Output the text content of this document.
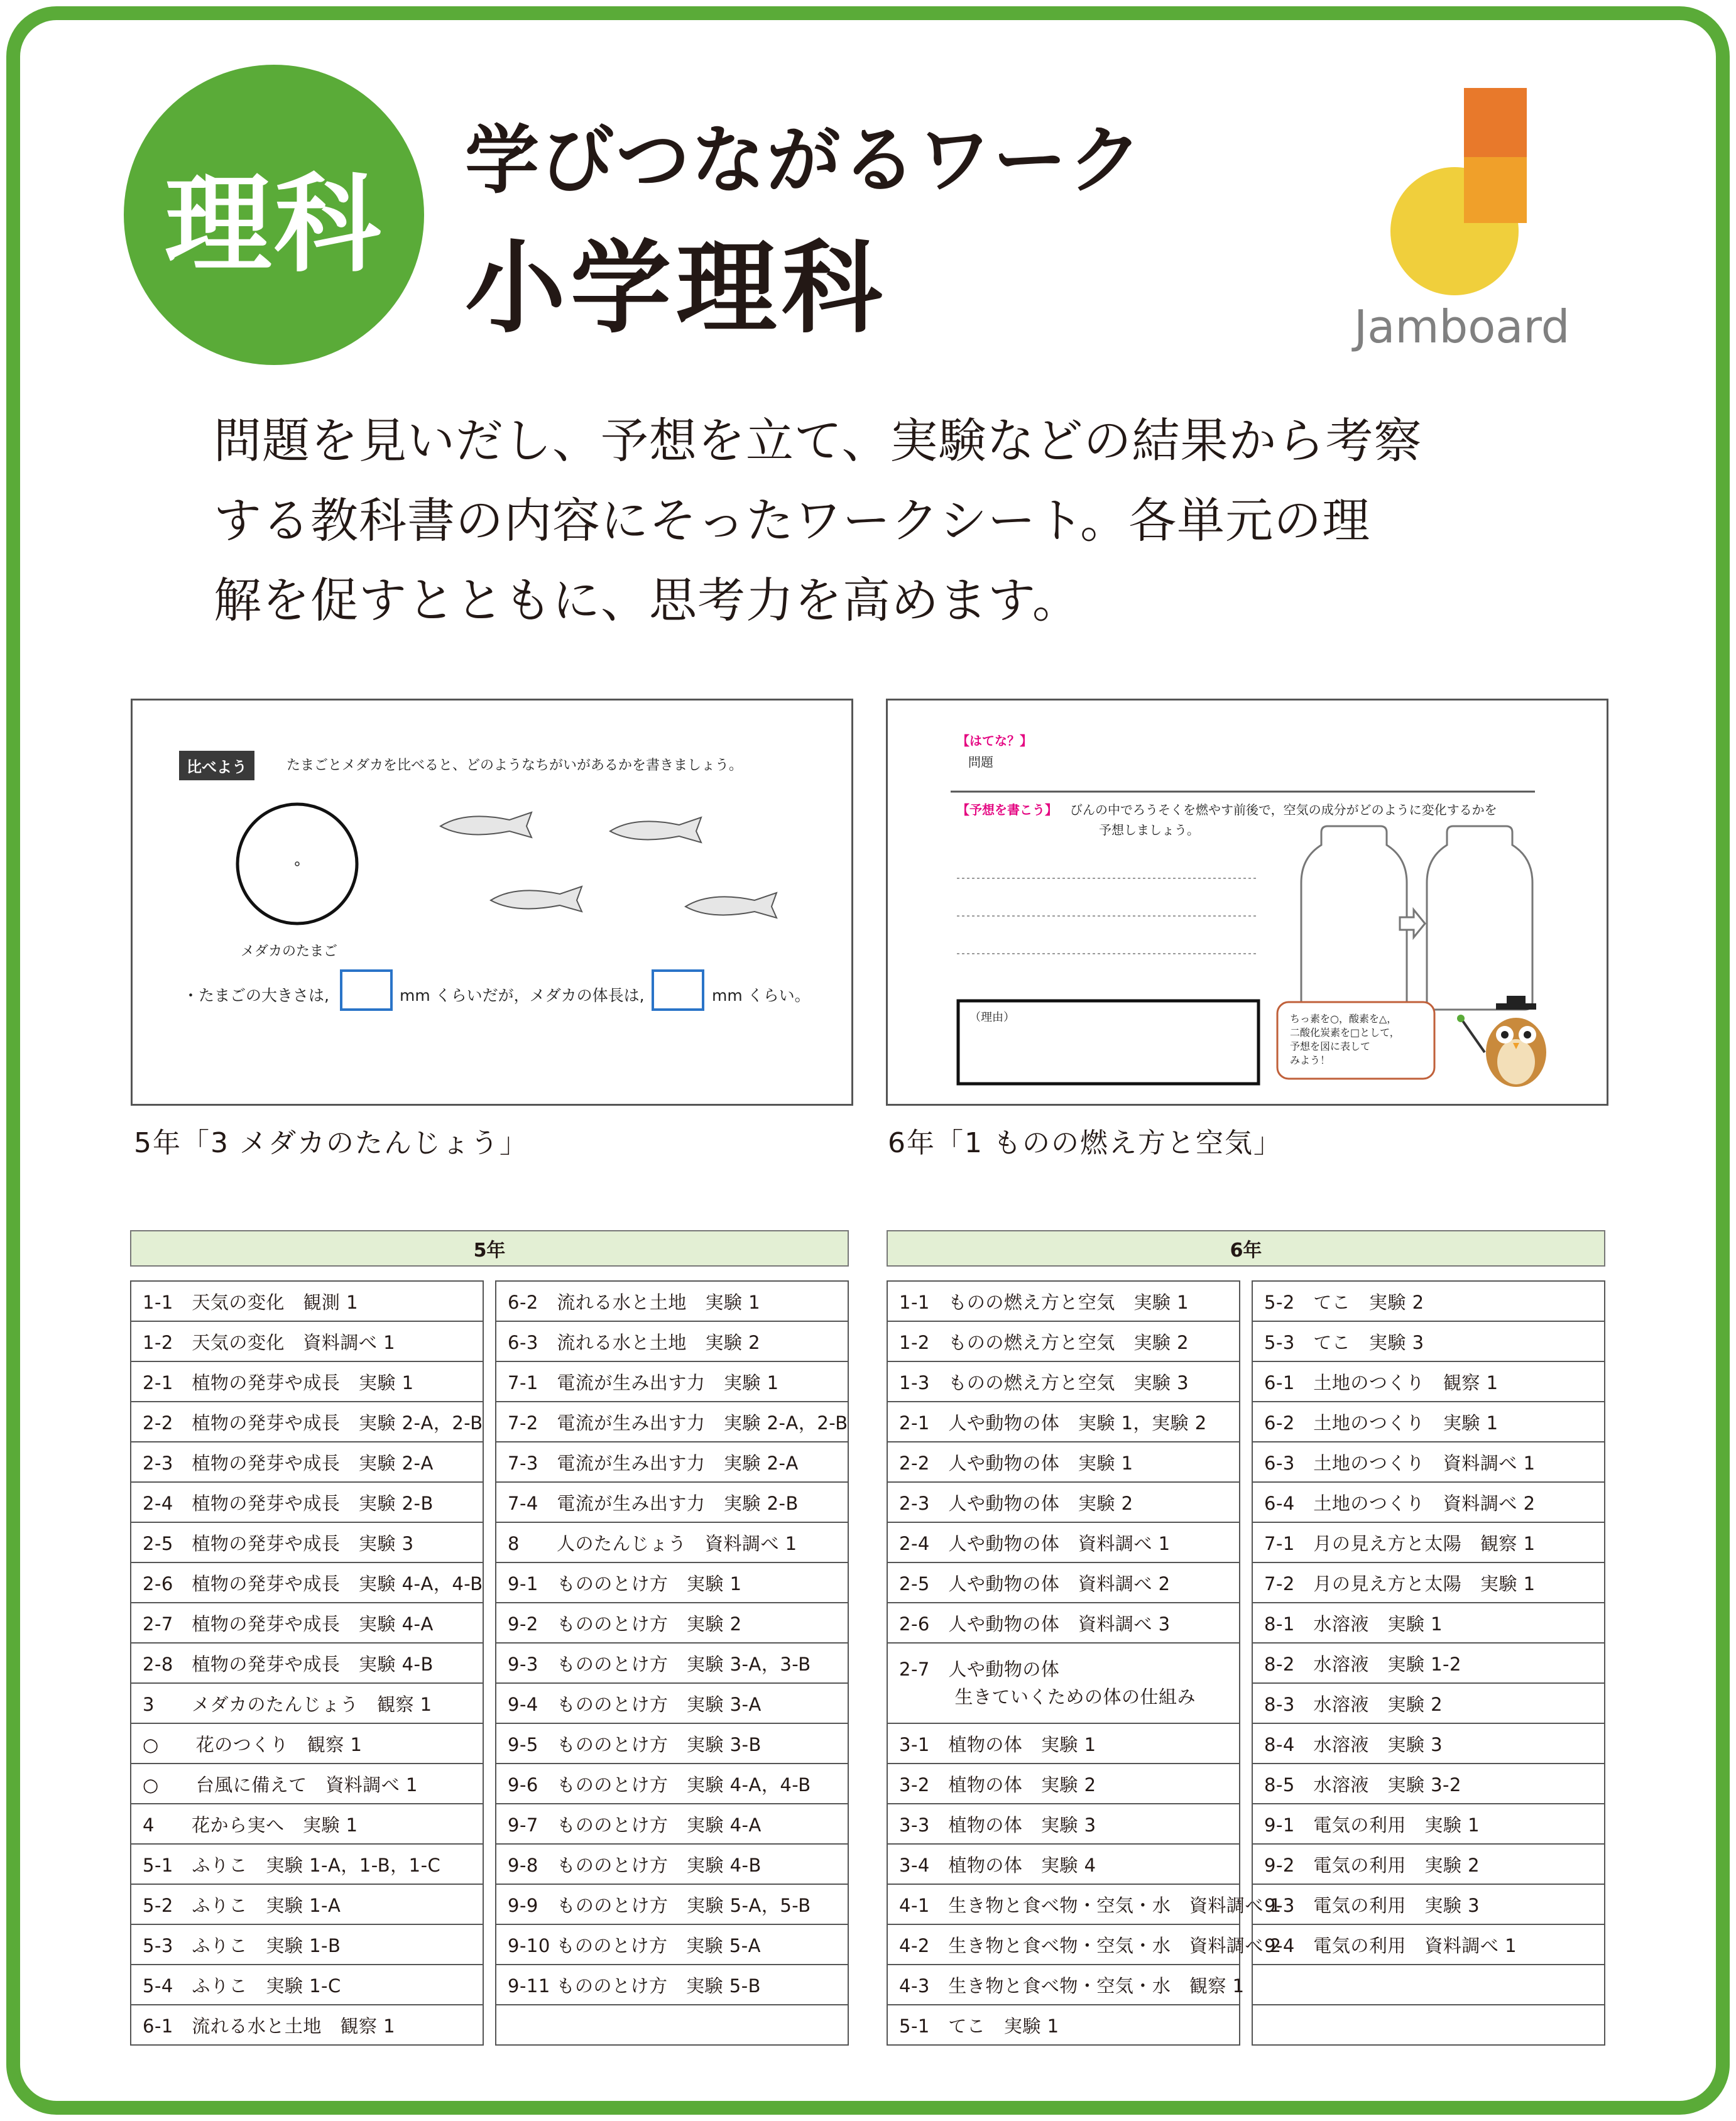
理科
学びつながるワーク
小学理科	Jamboard
問題を見いだし、予想を立て、実験などの結果から考察
する教科書の内容にそったワークシート。各単元の理
解を促すとともに、思考力を高めます。
比べよう	たまごとメダカを比べると、どのようなちがいがあるかを書きましょう。
メダカのたまご
・たまごの大きさは,	mm くらいだが，メダカの体長は,	mm くらい。
5年「3 メダカのたんじょう」
【はてな？】
問題
【予想を書こう】 びんの中でろうそくを燃やす前後で，空気の成分がどのように変化するかを
予想しましょう。
（理由）	ちっ素を○，酸素を△，
二酸化炭素を□として，
予想を図に表して
みよう！
6年「1 ものの燃え方と空気」
5年
1-1　天気の変化　観測 1
1-2　天気の変化　資料調べ 1
2-1　植物の発芽や成長　実験 1
2-2　植物の発芽や成長　実験 2-A，2-B
2-3　植物の発芽や成長　実験 2-A
2-4　植物の発芽や成長　実験 2-B
2-5　植物の発芽や成長　実験 3
2-6　植物の発芽や成長　実験 4-A，4-B
2-7　植物の発芽や成長　実験 4-A
2-8　植物の発芽や成長　実験 4-B
3　　メダカのたんじょう　観察 1
○　　花のつくり　観察 1
○　　台風に備えて　資料調べ 1
4　　花から実へ　実験 1
5-1　ふりこ　実験 1-A，1-B，1-C
5-2　ふりこ　実験 1-A
5-3　ふりこ　実験 1-B
5-4　ふりこ　実験 1-C
6-1　流れる水と土地　観察 1
6-2　流れる水と土地　実験 1
6-3　流れる水と土地　実験 2
7-1　電流が生み出す力　実験 1
7-2　電流が生み出す力　実験 2-A，2-B
7-3　電流が生み出す力　実験 2-A
7-4　電流が生み出す力　実験 2-B
8　　人のたんじょう　資料調べ 1
9-1　もののとけ方　実験 1
9-2　もののとけ方　実験 2
9-3　もののとけ方　実験 3-A，3-B
9-4　もののとけ方　実験 3-A
9-5　もののとけ方　実験 3-B
9-6　もののとけ方　実験 4-A，4-B
9-7　もののとけ方　実験 4-A
9-8　もののとけ方　実験 4-B
9-9　もののとけ方　実験 5-A，5-B
9-10 もののとけ方　実験 5-A
9-11 もののとけ方　実験 5-B
6年
1-1　ものの燃え方と空気　実験 1
1-2　ものの燃え方と空気　実験 2
1-3　ものの燃え方と空気　実験 3
2-1　人や動物の体　実験 1，実験 2
2-2　人や動物の体　実験 1
2-3　人や動物の体　実験 2
2-4　人や動物の体　資料調べ 1
2-5　人や動物の体　資料調べ 2
2-6　人や動物の体　資料調べ 3
2-7　人や動物の体
　　　生きていくための体の仕組み
3-1　植物の体　実験 1
3-2　植物の体　実験 2
3-3　植物の体　実験 3
3-4　植物の体　実験 4
4-1　生き物と食べ物・空気・水　資料調べ 1
4-2　生き物と食べ物・空気・水　資料調べ 2
4-3　生き物と食べ物・空気・水　観察 1
5-1　てこ　実験 1
5-2　てこ　実験 2
5-3　てこ　実験 3
6-1　土地のつくり　観察 1
6-2　土地のつくり　実験 1
6-3　土地のつくり　資料調べ 1
6-4　土地のつくり　資料調べ 2
7-1　月の見え方と太陽　観察 1
7-2　月の見え方と太陽　実験 1
8-1　水溶液　実験 1
8-2　水溶液　実験 1-2
8-3　水溶液　実験 2
8-4　水溶液　実験 3
8-5　水溶液　実験 3-2
9-1　電気の利用　実験 1
9-2　電気の利用　実験 2
9-3　電気の利用　実験 3
9-4　電気の利用　資料調べ 1
